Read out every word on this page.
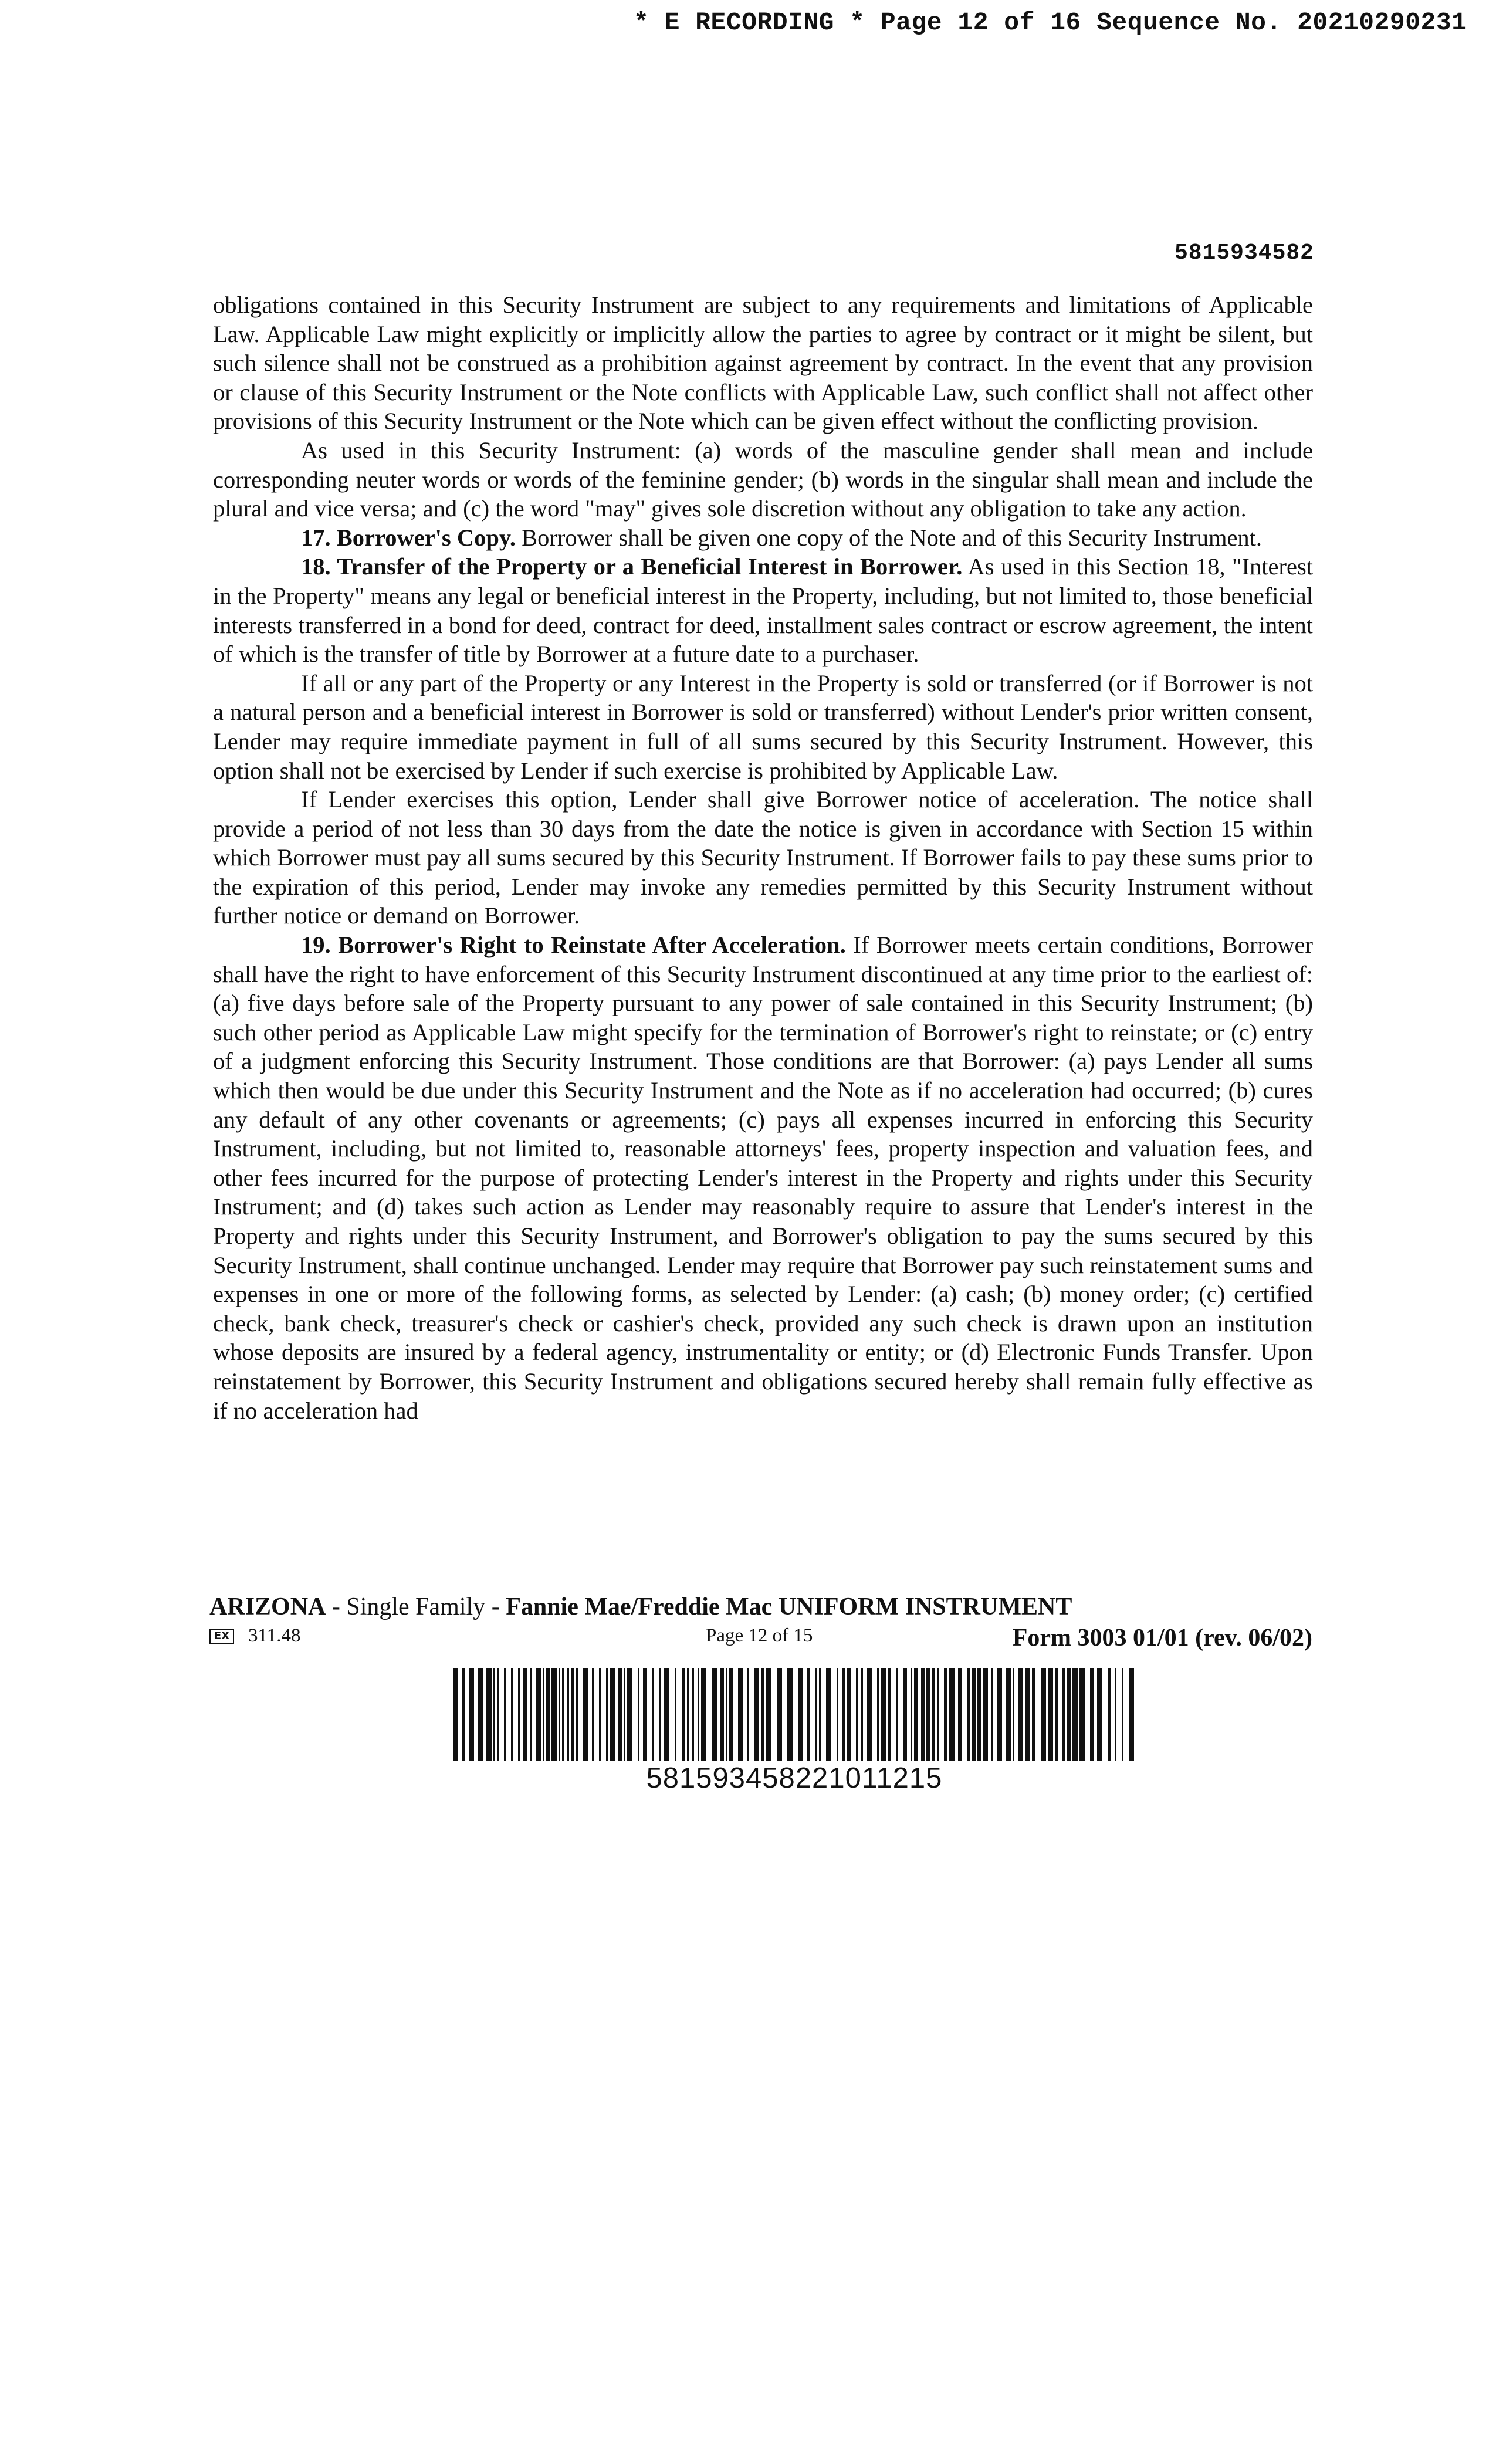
* E RECORDING * Page 12 of 16 Sequence No. 20210290231
5815934582

obligations contained in this Security Instrument are subject to any requirements and limitations of Applicable Law. Applicable Law might explicitly or implicitly allow the parties to agree by contract or it might be silent, but such silence shall not be construed as a prohibition against agreement by contract. In the event that any provision or clause of this Security Instrument or the Note conflicts with Applicable Law, such conflict shall not affect other provisions of this Security Instrument or the Note which can be given effect without the conflicting provision.

As used in this Security Instrument: (a) words of the masculine gender shall mean and include corresponding neuter words or words of the feminine gender; (b) words in the singular shall mean and include the plural and vice versa; and (c) the word "may" gives sole discretion without any obligation to take any action.

17. Borrower's Copy. Borrower shall be given one copy of the Note and of this Security Instrument.

18. Transfer of the Property or a Beneficial Interest in Borrower. As used in this Section 18, "Interest in the Property" means any legal or beneficial interest in the Property, including, but not limited to, those beneficial interests transferred in a bond for deed, contract for deed, installment sales contract or escrow agreement, the intent of which is the transfer of title by Borrower at a future date to a purchaser.

If all or any part of the Property or any Interest in the Property is sold or transferred (or if Borrower is not a natural person and a beneficial interest in Borrower is sold or transferred) without Lender's prior written consent, Lender may require immediate payment in full of all sums secured by this Security Instrument. However, this option shall not be exercised by Lender if such exercise is prohibited by Applicable Law.

If Lender exercises this option, Lender shall give Borrower notice of acceleration. The notice shall provide a period of not less than 30 days from the date the notice is given in accordance with Section 15 within which Borrower must pay all sums secured by this Security Instrument. If Borrower fails to pay these sums prior to the expiration of this period, Lender may invoke any remedies permitted by this Security Instrument without further notice or demand on Borrower.

19. Borrower's Right to Reinstate After Acceleration. If Borrower meets certain conditions, Borrower shall have the right to have enforcement of this Security Instrument discontinued at any time prior to the earliest of: (a) five days before sale of the Property pursuant to any power of sale contained in this Security Instrument; (b) such other period as Applicable Law might specify for the termination of Borrower's right to reinstate; or (c) entry of a judgment enforcing this Security Instrument. Those conditions are that Borrower: (a) pays Lender all sums which then would be due under this Security Instrument and the Note as if no acceleration had occurred; (b) cures any default of any other covenants or agreements; (c) pays all expenses incurred in enforcing this Security Instrument, including, but not limited to, reasonable attorneys' fees, property inspection and valuation fees, and other fees incurred for the purpose of protecting Lender's interest in the Property and rights under this Security Instrument; and (d) takes such action as Lender may reasonably require to assure that Lender's interest in the Property and rights under this Security Instrument, and Borrower's obligation to pay the sums secured by this Security Instrument, shall continue unchanged. Lender may require that Borrower pay such reinstatement sums and expenses in one or more of the following forms, as selected by Lender: (a) cash; (b) money order; (c) certified check, bank check, treasurer's check or cashier's check, provided any such check is drawn upon an institution whose deposits are insured by a federal agency, instrumentality or entity; or (d) Electronic Funds Transfer. Upon reinstatement by Borrower, this Security Instrument and obligations secured hereby shall remain fully effective as if no acceleration had

ARIZONA - Single Family - Fannie Mae/Freddie Mac UNIFORM INSTRUMENT
EX 311.48	Page 12 of 15	Form 3003 01/01 (rev. 06/02)
581593458221011215
